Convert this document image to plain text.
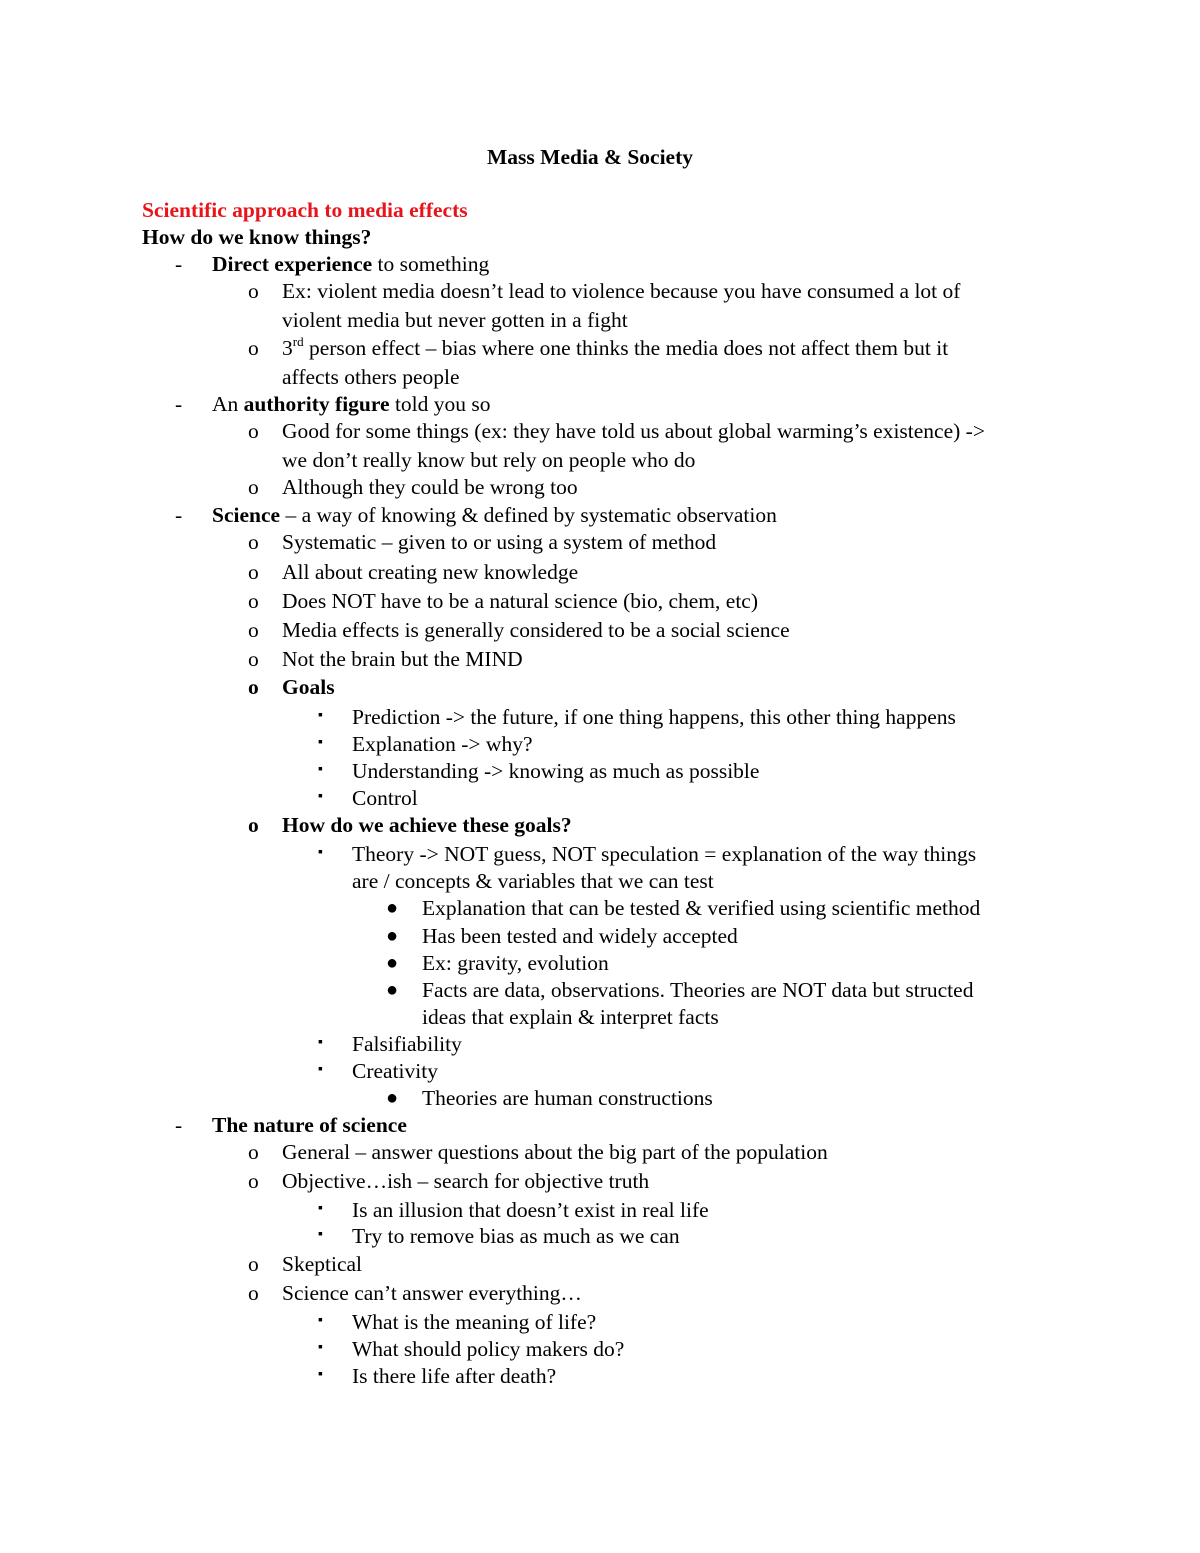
Mass Media & Society
Scientific approach to media effects
How do we know things?
- Direct experience to something
o Ex: violent media doesn’t lead to violence because you have consumed a lot of
violent media but never gotten in a fight
o 3rd person effect – bias where one thinks the media does not affect them but it
affects others people
- An authority figure told you so
o Good for some things (ex: they have told us about global warming’s existence) ->
we don’t really know but rely on people who do
o Although they could be wrong too
- Science – a way of knowing & defined by systematic observation
o Systematic – given to or using a system of method
o All about creating new knowledge
o Does NOT have to be a natural science (bio, chem, etc)
o Media effects is generally considered to be a social science
o Not the brain but the MIND
o Goals
▪ Prediction -> the future, if one thing happens, this other thing happens
▪ Explanation -> why?
▪ Understanding -> knowing as much as possible
▪ Control
o How do we achieve these goals?
▪ Theory -> NOT guess, NOT speculation = explanation of the way things
are / concepts & variables that we can test
● Explanation that can be tested & verified using scientific method
● Has been tested and widely accepted
● Ex: gravity, evolution
● Facts are data, observations. Theories are NOT data but structed
ideas that explain & interpret facts
▪ Falsifiability
▪ Creativity
● Theories are human constructions
- The nature of science
o General – answer questions about the big part of the population
o Objective…ish – search for objective truth
▪ Is an illusion that doesn’t exist in real life
▪ Try to remove bias as much as we can
o Skeptical
o Science can’t answer everything…
▪ What is the meaning of life?
▪ What should policy makers do?
▪ Is there life after death?
